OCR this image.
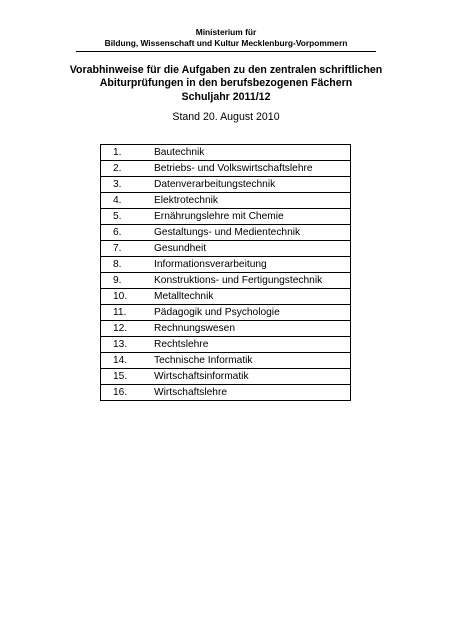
Ministerium für
Bildung, Wissenschaft und Kultur Mecklenburg-Vorpommern
Vorabhinweise für die Aufgaben zu den zentralen schriftlichen
Abiturprüfungen in den berufsbezogenen Fächern
Schuljahr 2011/12
Stand 20. August 2010
1.	Bautechnik
2.	Betriebs- und Volkswirtschaftslehre
3.	Datenverarbeitungstechnik
4.	Elektrotechnik
5.	Ernährungslehre mit Chemie
6.	Gestaltungs- und Medientechnik
7.	Gesundheit
8.	Informationsverarbeitung
9.	Konstruktions- und Fertigungstechnik
10.	Metalltechnik
11.	Pädagogik und Psychologie
12.	Rechnungswesen
13.	Rechtslehre
14.	Technische Informatik
15.	Wirtschaftsinformatik
16.	Wirtschaftslehre
